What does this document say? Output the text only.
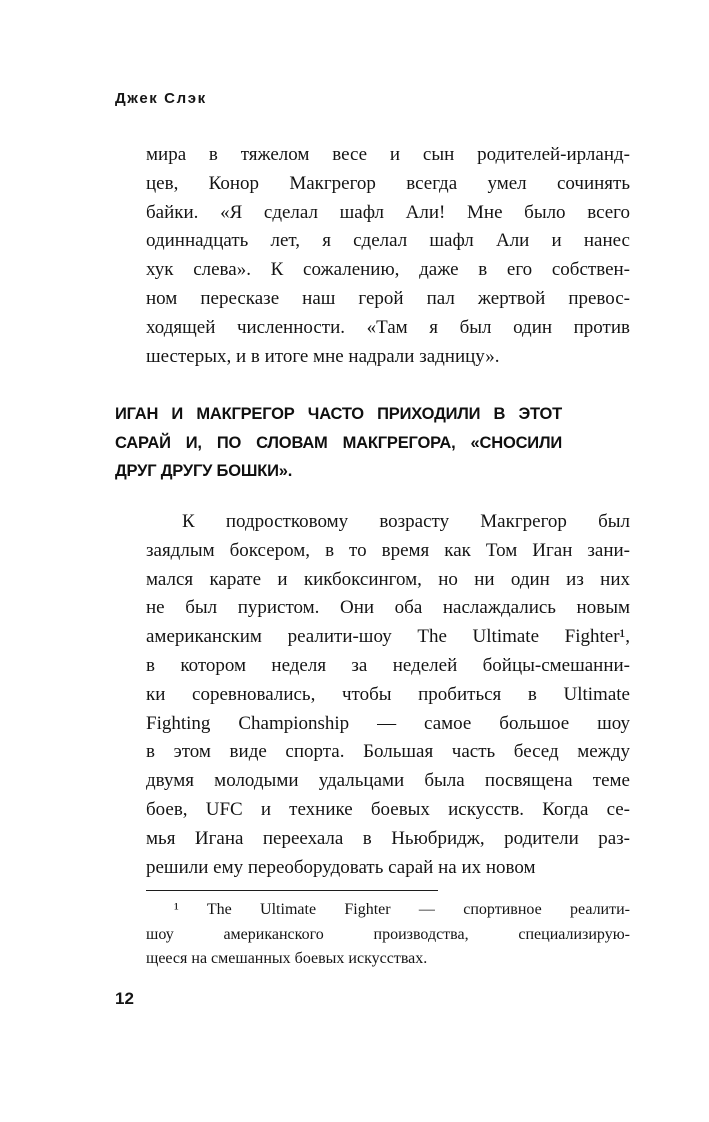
Джек Слэк
мира в тяжелом весе и сын родителей-ирланд-
цев, Конор Макгрегор всегда умел сочинять
байки. «Я сделал шафл Али! Мне было всего
одиннадцать лет, я сделал шафл Али и нанес
хук слева». К сожалению, даже в его собствен-
ном пересказе наш герой пал жертвой превос-
ходящей численности. «Там я был один против
шестерых, и в итоге мне надрали задницу».
ИГАН И МАКГРЕГОР ЧАСТО ПРИХОДИЛИ В ЭТОТ
САРАЙ И, ПО СЛОВАМ МАКГРЕГОРА, «СНОСИЛИ
ДРУГ ДРУГУ БОШКИ».
К подростковому возрасту Макгрегор был
заядлым боксером, в то время как Том Иган зани-
мался карате и кикбоксингом, но ни один из них
не был пуристом. Они оба наслаждались новым
американским реалити-шоу The Ultimate Fighter¹,
в котором неделя за неделей бойцы-смешанни-
ки соревновались, чтобы пробиться в Ultimate
Fighting Championship — самое большое шоу
в этом виде спорта. Большая часть бесед между
двумя молодыми удальцами была посвящена теме
боев, UFC и технике боевых искусств. Когда се-
мья Игана переехала в Ньюбридж, родители раз-
решили ему переоборудовать сарай на их новом
¹ The Ultimate Fighter — спортивное реалити-
шоу американского производства, специализирую-
щееся на смешанных боевых искусствах.
12
